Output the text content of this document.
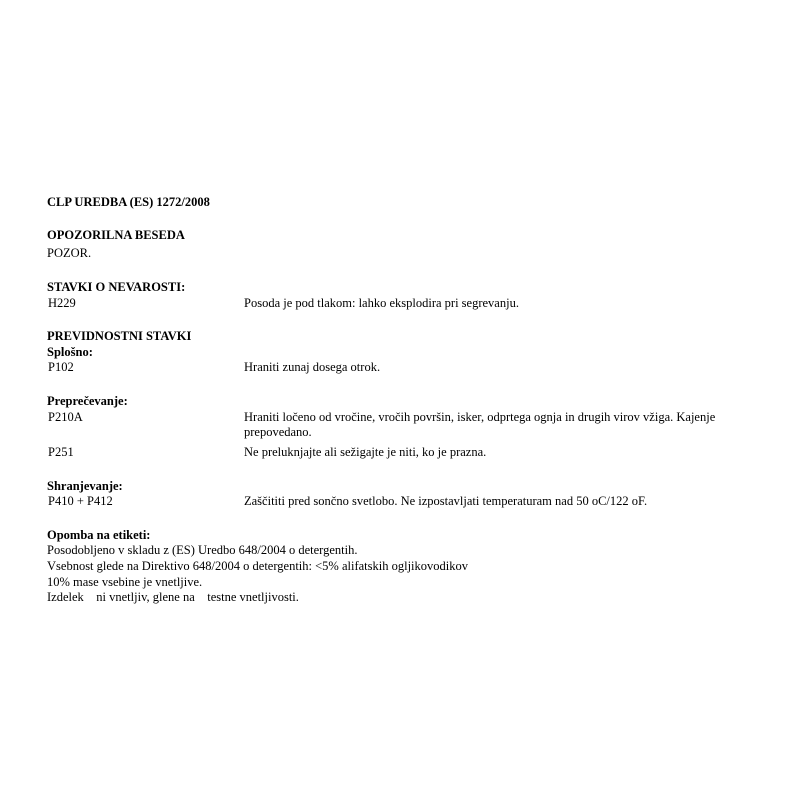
CLP UREDBA (ES) 1272/2008

OPOZORILNA BESEDA

POZOR.

STAVKI O NEVAROSTI:

H229	Posoda je pod tlakom: lahko eksplodira pri segrevanju.

PREVIDNOSTNI STAVKI

Splošno:

P102	Hraniti zunaj dosega otrok.

Preprečevanje:

P210A	Hraniti ločeno od vročine, vročih površin, isker, odprtega ognja in drugih virov vžiga. Kajenje prepovedano.
P251	Ne preluknjajte ali sežigajte je niti, ko je prazna.

Shranjevanje:

P410 + P412	Zaščititi pred sončno svetlobo. Ne izpostavljati temperaturam nad 50 oC/122 oF.

Opomba na etiketi:

Posodobljeno v skladu z (ES) Uredbo 648/2004 o detergentih.

Vsebnost glede na Direktivo 648/2004 o detergentih: <5% alifatskih ogljikovodikov

10% mase vsebine je vnetljive.

Izdelek    ni vnetljiv, glene na    testne vnetljivosti.
